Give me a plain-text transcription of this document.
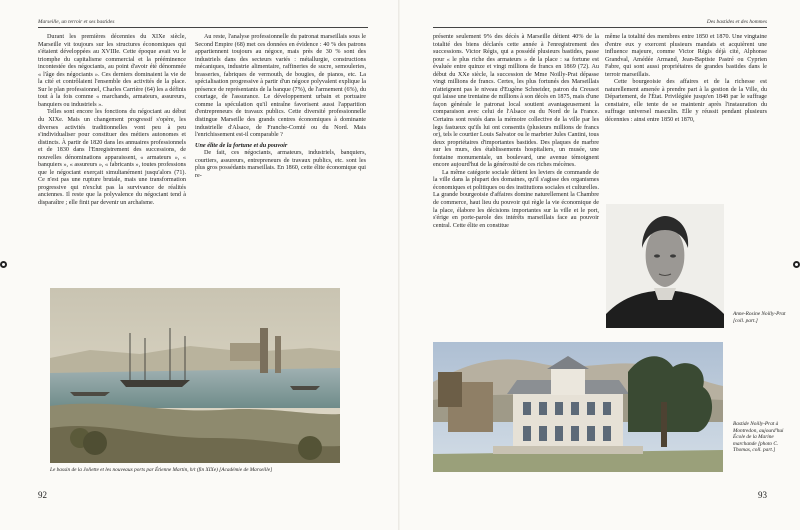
Marseille, un terroir et ses bastides

Durant les premières décennies du XIXe siècle, Marseille vit toujours sur les structures économiques qui s'étaient développées au XVIIIe. Cette époque avait vu le triomphe du capitalisme commercial et la prééminence incontestée des négociants, au point d'avoir été dénommée « l'âge des négociants ». Ces derniers dominaient la vie de la cité et contrôlaient l'ensemble des activités de la place. Sur le plan professionnel, Charles Carrière (64) les a définis tout à la fois comme « marchands, armateurs, assureurs, banquiers ou industriels ».

Telles sont encore les fonctions du négociant au début du XIXe. Mais un changement progressif s'opère, les diverses activités traditionnelles vont peu à peu s'individualiser pour constituer des métiers autonomes et distincts. À partir de 1820 dans les annuaires professionnels et de 1830 dans l'Enregistrement des successions, de nouvelles dénominations apparaissent, « armateurs », « banquiers », « assureurs », « fabricants », toutes professions que le négociant exerçait simultanément jusqu'alors (71). Ce n'est pas une rupture brutale, mais une transformation progressive qui n'exclut pas la survivance de réalités anciennes. Il reste que la polyvalence du négociant tend à disparaître ; elle finit par devenir un archaïsme.

Au reste, l'analyse professionnelle du patronat marseillais sous le Second Empire (68) met ces données en évidence : 40 % des patrons appartiennent toujours au négoce, mais près de 30 % sont des industriels dans des secteurs variés : métallurgie, constructions mécaniques, industrie alimentaire, raffineries de sucre, semouleries, brasseries, fabriques de vermouth, de bougies, de pianos, etc. La spécialisation progressive à partir d'un négoce polyvalent explique la présence de représentants de la banque (7%), de l'armement (6%), du courtage, de l'assurance. Le développement urbain et portuaire comme la spéculation qu'il entraîne favorisent aussi l'apparition d'entrepreneurs de travaux publics. Cette diversité professionnelle distingue Marseille des grands centres économiques à dominante industrielle d'Alsace, de Franche-Comté ou du Nord. Mais l'enrichissement est-il comparable ?

Une élite de la fortune et du pouvoir

De fait, ces négociants, armateurs, industriels, banquiers, courtiers, assureurs, entrepreneurs de travaux publics, etc. sont les plus gros possédants marseillais. En 1860, cette élite économique qui re-

Le bassin de la Joliette et les nouveaux ports par Étienne Martin, h/t (fin XIXe) [Académie de Marseille]
92
Des bastides et des hommes

présente seulement 9% des décès à Marseille détient 40% de la totalité des biens déclarés cette année à l'enregistrement des successions. Victor Régis, qui a possédé plusieurs bastides, passe pour « le plus riche des armateurs » de la place : sa fortune est évaluée entre quinze et vingt millions de francs en 1869 (72). Au début du XXe siècle, la succession de Mme Noilly-Prat dépasse vingt millions de francs. Certes, les plus fortunés des Marseillais n'atteignent pas le niveau d'Eugène Schneider, patron du Creusot qui laisse une trentaine de millions à son décès en 1875, mais d'une façon générale le patronat local soutient avantageusement la comparaison avec celui de l'Alsace ou du Nord de la France. Certains sont restés dans la mémoire collective de la ville par les legs fastueux qu'ils lui ont consentis (plusieurs millions de francs or), tels le courtier Louis Salvator ou le marbrier Jules Cantini, tous deux propriétaires d'importantes bastides. Des plaques de marbre sur les murs, des établissements hospitaliers, un musée, une fontaine monumentale, un boulevard, une avenue témoignent encore aujourd'hui de la générosité de ces riches mécènes.

La même catégorie sociale détient les leviers de commande de la ville dans la plupart des domaines, qu'il s'agisse des organismes économiques et politiques ou des institutions sociales et culturelles. La grande bourgeoisie d'affaires domine naturellement la Chambre de commerce, haut lieu du pouvoir qui règle la vie économique de la place, élabore les décisions importantes sur la ville et le port, s'érige en porte-parole des intérêts marseillais face au pouvoir central. Cette élite en constitue

même la totalité des membres entre 1850 et 1870. Une vingtaine d'entre eux y exercent plusieurs mandats et acquièrent une influence majeure, comme Victor Régis déjà cité, Alphonse Grandval, Amédée Armand, Jean-Baptiste Pastré ou Cyprien Fabre, qui sont aussi propriétaires de grandes bastides dans le terroir marseillais.

Cette bourgeoisie des affaires et de la richesse est naturellement amenée à prendre part à la gestion de la Ville, du Département, de l'État. Privilégiée jusqu'en 1848 par le suffrage censitaire, elle tente de se maintenir après l'instauration du suffrage universel masculin. Elle y réussit pendant plusieurs décennies : ainsi entre 1850 et 1870,

Anne-Rosine Noilly-Prat [coll. part.]
Bastide Noilly-Prat à Montredon, aujourd'hui École de la Marine marchande [photo C. Thomas, coll. part.]
93
